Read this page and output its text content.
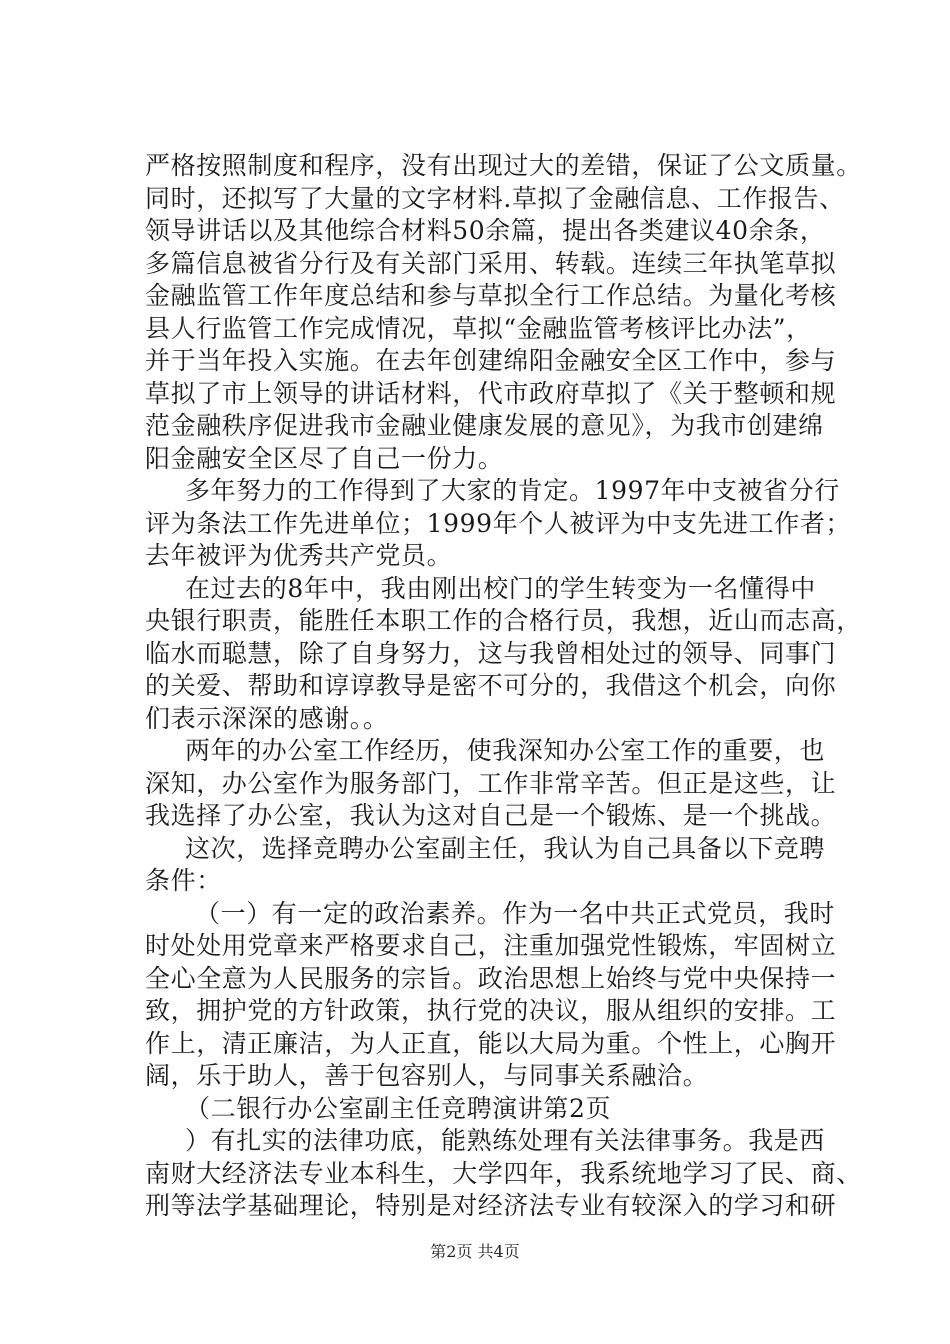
严格按照制度和程序，没有出现过大的差错，保证了公文质量。
同时，还拟写了大量的文字材料.草拟了金融信息、工作报告、
领导讲话以及其他综合材料50余篇，提出各类建议40余条，
多篇信息被省分行及有关部门采用、转载。连续三年执笔草拟
金融监管工作年度总结和参与草拟全行工作总结。为量化考核
县人行监管工作完成情况，草拟“金融监管考核评比办法”，
并于当年投入实施。在去年创建绵阳金融安全区工作中，参与
草拟了市上领导的讲话材料，代市政府草拟了《关于整顿和规
范金融秩序促进我市金融业健康发展的意见》，为我市创建绵
阳金融安全区尽了自己一份力。
多年努力的工作得到了大家的肯定。1997年中支被省分行
评为条法工作先进单位；1999年个人被评为中支先进工作者；
去年被评为优秀共产党员。
在过去的8年中，我由刚出校门的学生转变为一名懂得中
央银行职责，能胜任本职工作的合格行员，我想，近山而志高，
临水而聪慧，除了自身努力，这与我曾相处过的领导、同事门
的关爱、帮助和谆谆教导是密不可分的，我借这个机会，向你
们表示深深的感谢。。
两年的办公室工作经历，使我深知办公室工作的重要，也
深知，办公室作为服务部门，工作非常辛苦。但正是这些，让
我选择了办公室，我认为这对自己是一个锻炼、是一个挑战。
这次，选择竞聘办公室副主任，我认为自己具备以下竞聘
条件：
（一）有一定的政治素养。作为一名中共正式党员，我时
时处处用党章来严格要求自己，注重加强党性锻炼，牢固树立
全心全意为人民服务的宗旨。政治思想上始终与党中央保持一
致，拥护党的方针政策，执行党的决议，服从组织的安排。工
作上，清正廉洁，为人正直，能以大局为重。个性上，心胸开
阔，乐于助人，善于包容别人，与同事关系融洽。
（二银行办公室副主任竞聘演讲第2页
）有扎实的法律功底，能熟练处理有关法律事务。我是西
南财大经济法专业本科生，大学四年，我系统地学习了民、商、
刑等法学基础理论，特别是对经济法专业有较深入的学习和研
第2页 共4页
